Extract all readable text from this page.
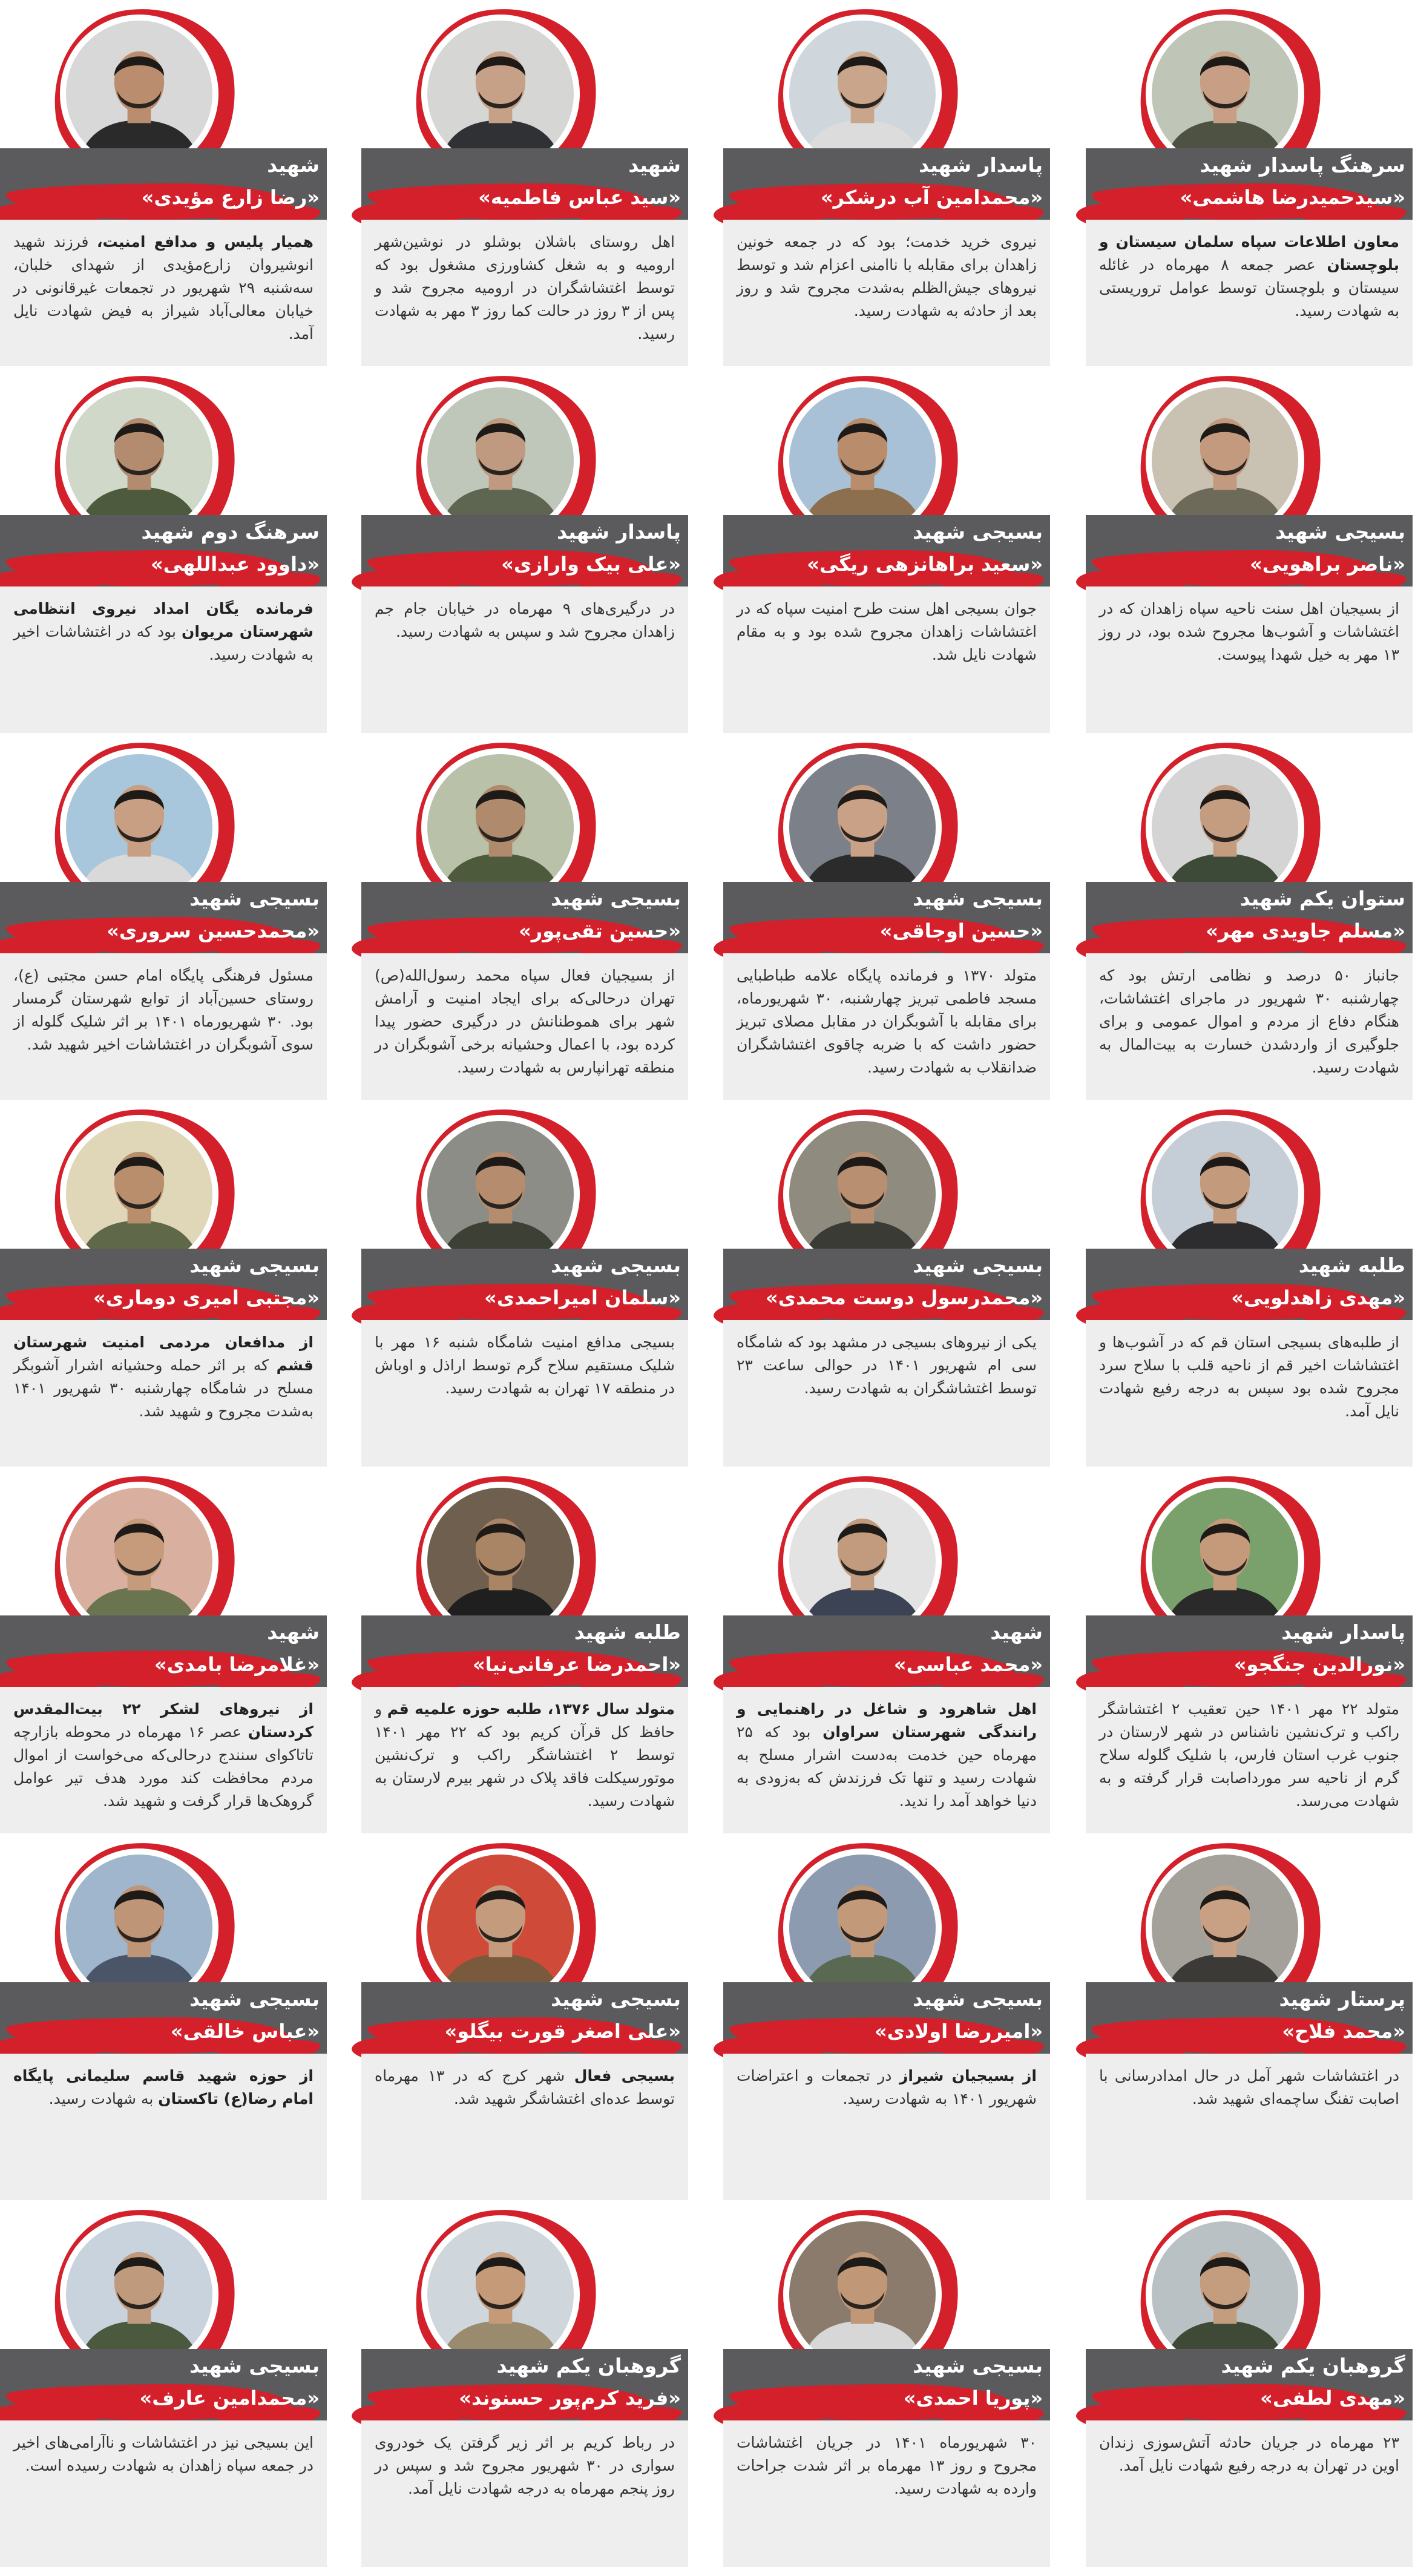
سرهنگ پاسدار شهید
«سیدحمیدرضا هاشمی»
معاون اطلاعات سپاه سلمان سیستان و بلوچستان عصر جمعه ۸ مهرماه در غائله سیستان و بلوچستان توسط عوامل تروریستی به شهادت رسید.
پاسدار شهید
«محمدامین آب درشکر»
نیروی خرید خدمت؛ بود که در جمعه خونین زاهدان برای مقابله با ناامنی اعزام شد و توسط نیروهای جیش‌الظلم به‌شدت مجروح شد و روز بعد از حادثه به شهادت رسید.
شهید
«سید عباس فاطمیه»
اهل روستای باشلان بوشلو در نوشین‌شهر ارومیه و به شغل کشاورزی مشغول بود که توسط اغتشاشگران در ارومیه مجروح شد و پس از ۳ روز در حالت کما روز ۳ مهر به شهادت رسید.
شهید
«رضا زارع مؤیدی»
همیار پلیس و مدافع امنیت، فرزند شهید انوشیروان زارع‌مؤیدی از شهدای خلبان، سه‌شنبه ۲۹ شهریور در تجمعات غیرقانونی در خیابان معالی‌آباد شیراز به فیض شهادت نایل آمد.
بسیجی شهید
«ناصر براهویی»
از بسیجیان اهل سنت ناحیه سپاه زاهدان که در اغتشاشات و آشوب‌ها مجروح شده بود، در روز ۱۳ مهر به خیل شهدا پیوست.
بسیجی شهید
«سعید براهانزهی ریگی»
جوان بسیجی اهل سنت طرح امنیت سپاه که در اغتشاشات زاهدان مجروح شده بود و به مقام شهادت نایل شد.
پاسدار شهید
«علی بیک وارازی»
در درگیری‌های ۹ مهرماه در خیابان جام جم زاهدان مجروح شد و سپس به شهادت رسید.
سرهنگ دوم شهید
«داوود عبداللهی»
فرمانده یگان امداد نیروی انتظامی شهرستان مریوان بود که در اغتشاشات اخیر به شهادت رسید.
ستوان یکم شهید
«مسلم جاویدی مهر»
جانباز ۵۰ درصد و نظامی ارتش بود که چهارشنبه ۳۰ شهریور در ماجرای اغتشاشات، هنگام دفاع از مردم و اموال عمومی و برای جلوگیری از واردشدن خسارت به بیت‌المال به شهادت رسید.
بسیجی شهید
«حسین اوجاقی»
متولد ۱۳۷۰ و فرمانده پایگاه علامه طباطبایی مسجد فاطمی تبریز چهارشنبه، ۳۰ شهریورماه، برای مقابله با آشوبگران در مقابل مصلای تبریز حضور داشت که با ضربه چاقوی اغتشاشگران ضدانقلاب به شهادت رسید.
بسیجی شهید
«حسین تقی‌پور»
از بسیجیان فعال سپاه محمد رسول‌الله(ص) تهران درحالی‌که برای ایجاد امنیت و آرامش شهر برای هموطنانش در درگیری حضور پیدا کرده بود، با اعمال وحشیانه برخی آشوبگران در منطقه تهرانپارس به شهادت رسید.
بسیجی شهید
«محمدحسین سروری»
مسئول فرهنگی پایگاه امام حسن مجتبی (ع)، روستای حسین‌آباد از توابع شهرستان گرمسار بود. ۳۰ شهریورماه ۱۴۰۱ بر اثر شلیک گلوله از سوی آشوبگران در اغتشاشات اخیر شهید شد.
طلبه شهید
«مهدی زاهدلویی»
از طلبه‌های بسیجی استان قم که در آشوب‌ها و اغتشاشات اخیر قم از ناحیه قلب با سلاح سرد مجروح شده بود سپس به درجه رفیع شهادت نایل آمد.
بسیجی شهید
«محمدرسول دوست محمدی»
یکی از نیروهای بسیجی در مشهد بود که شامگاه سی ام شهریور ۱۴۰۱ در حوالی ساعت ۲۳ توسط اغتشاشگران به شهادت رسید.
بسیجی شهید
«سلمان امیراحمدی»
بسیجی مدافع امنیت شامگاه شنبه ۱۶ مهر با شلیک مستقیم سلاح گرم توسط اراذل و اوباش در منطقه ۱۷ تهران به شهادت رسید.
بسیجی شهید
«مجتبی امیری دوماری»
از مدافعان مردمی امنیت شهرستان قشم که بر اثر حمله وحشیانه اشرار آشوبگر مسلح در شامگاه چهارشنبه ۳۰ شهریور ۱۴۰۱ به‌شدت مجروح و شهید شد.
پاسدار شهید
«نورالدین جنگجو»
متولد ۲۲ مهر ۱۴۰۱ حین تعقیب ۲ اغتشاشگر راکب و ترک‌نشین ناشناس در شهر لارستان در جنوب غرب استان فارس، با شلیک گلوله سلاح گرم از ناحیه سر مورداصابت قرار گرفته و به شهادت می‌رسد.
شهید
«محمد عباسی»
اهل شاهرود و شاغل در راهنمایی و رانندگی شهرستان سراوان بود که ۲۵ مهرماه حین خدمت به‌دست اشرار مسلح به شهادت رسید و تنها تک فرزندش که به‌زودی به دنیا خواهد آمد را ندید.
طلبه شهید
«احمدرضا عرفانی‌نیا»
متولد سال ۱۳۷۶، طلبه حوزه علمیه قم و حافظ کل قرآن کریم بود که ۲۲ مهر ۱۴۰۱ توسط ۲ اغتشاشگر راکب و ترک‌نشین موتورسیکلت فاقد پلاک در شهر بیرم لارستان به شهادت رسید.
شهید
«غلامرضا بامدی»
از نیروهای لشکر ۲۲ بیت‌المقدس کردستان عصر ۱۶ مهرماه در محوطه بازارچه تاتاکوای سنندج درحالی‌که می‌خواست از اموال مردم محافظت کند مورد هدف تیر عوامل گروهک‌ها قرار گرفت و شهید شد.
پرستار شهید
«محمد فلاح»
در اغتشاشات شهر آمل در حال امدادرسانی با اصابت تفنگ ساچمه‌ای شهید شد.
بسیجی شهید
«امیررضا اولادی»
از بسیجیان شیراز در تجمعات و اعتراضات شهریور ۱۴۰۱ به شهادت رسید.
بسیجی شهید
«علی اصغر قورت بیگلو»
بسیجی فعال شهر کرج که در ۱۳ مهرماه توسط عده‌ای اغتشاشگر شهید شد.
بسیجی شهید
«عباس خالقی»
از حوزه شهید قاسم سلیمانی پایگاه امام رضا(ع) تاکستان به شهادت رسید.
گروهبان یکم شهید
«مهدی لطفی»
۲۳ مهرماه در جریان حادثه آتش‌سوزی زندان اوین در تهران به درجه رفیع شهادت نایل آمد.
بسیجی شهید
«پوریا احمدی»
۳۰ شهریورماه ۱۴۰۱ در جریان اغتشاشات مجروح و روز ۱۳ مهرماه بر اثر شدت جراحات وارده به شهادت رسید.
گروهبان یکم شهید
«فرید کرم‌پور حسنوند»
در رباط کریم بر اثر زیر گرفتن یک خودروی سواری در ۳۰ شهریور مجروح شد و سپس در روز پنجم مهرماه به درجه شهادت نایل آمد.
بسیجی شهید
«محمدامین عارف»
این بسیجی نیز در اغتشاشات و ناآرامی‌های اخیر در جمعه سپاه زاهدان به شهادت رسیده است.
